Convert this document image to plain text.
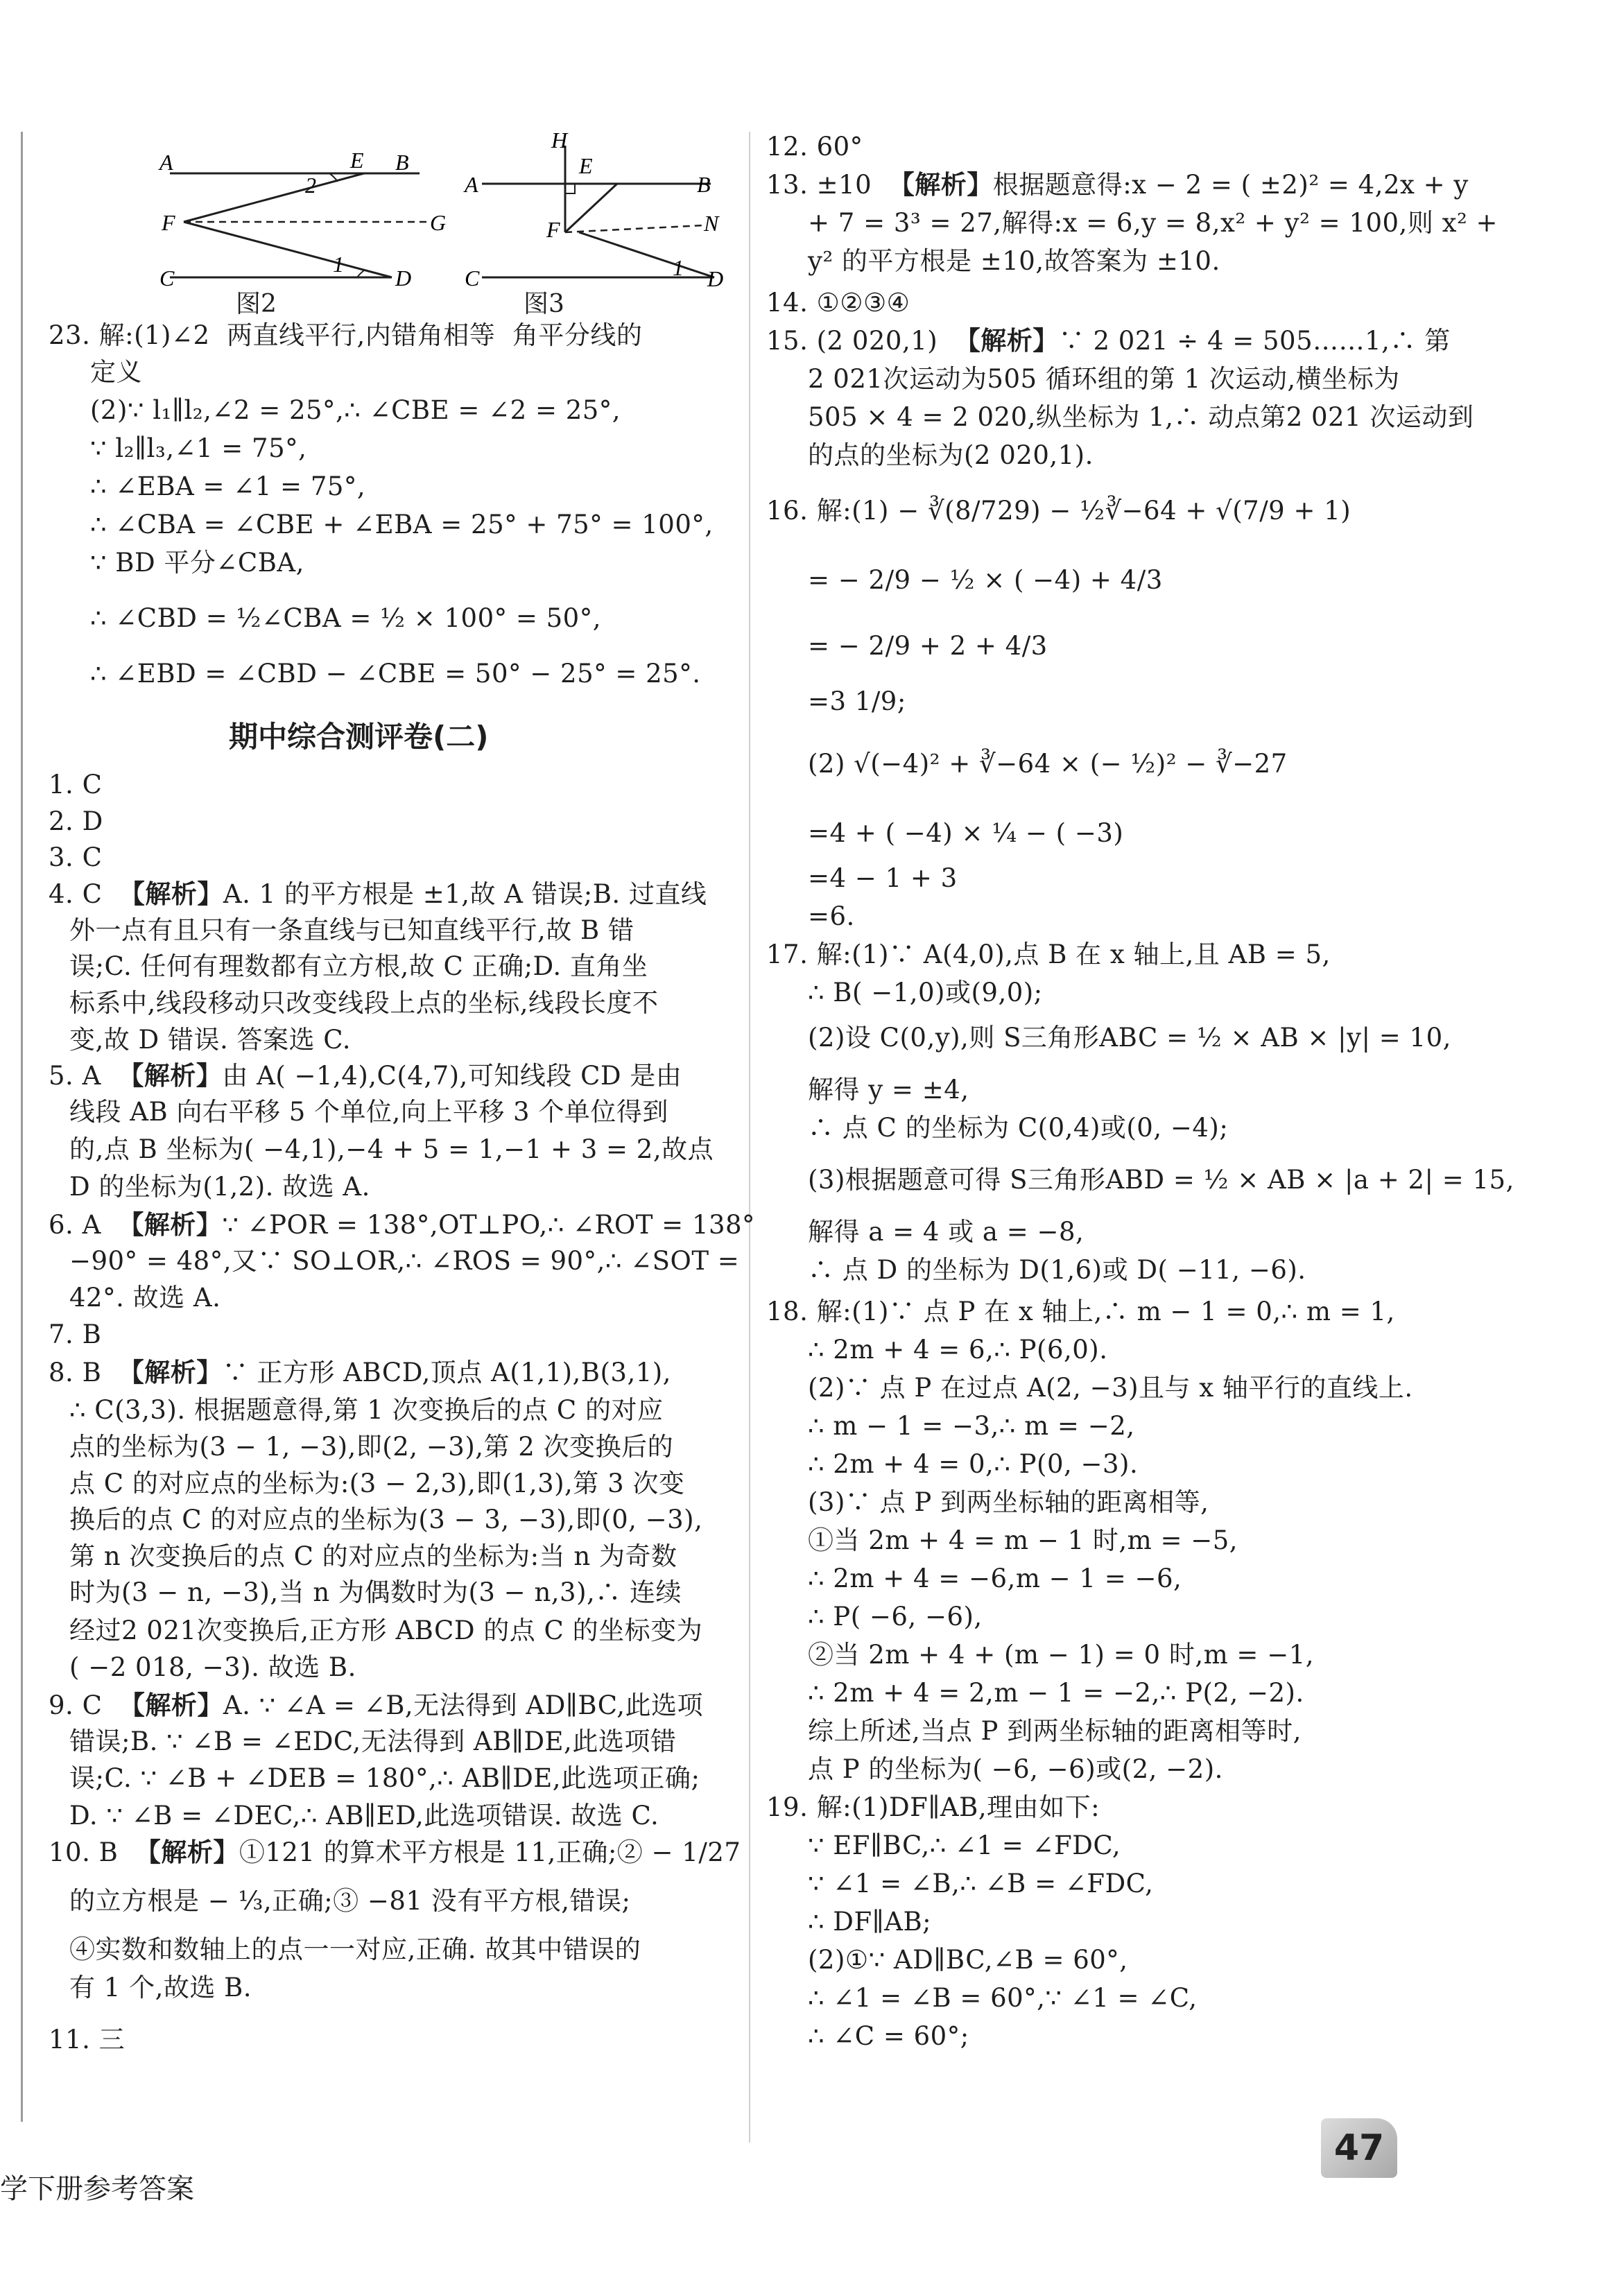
A	E B
2
F	G
C
1
D
图2
H
A
E
B
F	N
C	1 D
图3
23. 解:(1)∠2  两直线平行,内错角相等  角平分线的
定义
(2)∵ l₁∥l₂,∠2 = 25°,∴ ∠CBE = ∠2 = 25°,
∵ l₂∥l₃,∠1 = 75°,
∴ ∠EBA = ∠1 = 75°,
∴ ∠CBA = ∠CBE + ∠EBA = 25° + 75° = 100°,
∵ BD 平分∠CBA,
∴ ∠CBD = ½∠CBA = ½ × 100° = 50°,
∴ ∠EBD = ∠CBD − ∠CBE = 50° − 25° = 25°.
期中综合测评卷(二)
1. C
2. D
3. C
4. C  【解析】A. 1 的平方根是 ±1,故 A 错误;B. 过直线
外一点有且只有一条直线与已知直线平行,故 B 错
误;C. 任何有理数都有立方根,故 C 正确;D. 直角坐
标系中,线段移动只改变线段上点的坐标,线段长度不
变,故 D 错误. 答案选 C.
5. A  【解析】由 A( −1,4),C(4,7),可知线段 CD 是由
线段 AB 向右平移 5 个单位,向上平移 3 个单位得到
的,点 B 坐标为( −4,1),−4 + 5 = 1,−1 + 3 = 2,故点
D 的坐标为(1,2). 故选 A.
6. A  【解析】∵ ∠POR = 138°,OT⊥PO,∴ ∠ROT = 138°
−90° = 48°,又∵ SO⊥OR,∴ ∠ROS = 90°,∴ ∠SOT =
42°. 故选 A.
7. B
8. B  【解析】∵ 正方形 ABCD,顶点 A(1,1),B(3,1),
∴ C(3,3). 根据题意得,第 1 次变换后的点 C 的对应
点的坐标为(3 − 1, −3),即(2, −3),第 2 次变换后的
点 C 的对应点的坐标为:(3 − 2,3),即(1,3),第 3 次变
换后的点 C 的对应点的坐标为(3 − 3, −3),即(0, −3),
第 n 次变换后的点 C 的对应点的坐标为:当 n 为奇数
时为(3 − n, −3),当 n 为偶数时为(3 − n,3),∴ 连续
经过2 021次变换后,正方形 ABCD 的点 C 的坐标变为
( −2 018, −3). 故选 B.
9. C  【解析】A. ∵ ∠A = ∠B,无法得到 AD∥BC,此选项
错误;B. ∵ ∠B = ∠EDC,无法得到 AB∥DE,此选项错
误;C. ∵ ∠B + ∠DEB = 180°,∴ AB∥DE,此选项正确;
D. ∵ ∠B = ∠DEC,∴ AB∥ED,此选项错误. 故选 C.
10. B  【解析】①121 的算术平方根是 11,正确;② − 1/27
的立方根是 − ⅓,正确;③ −81 没有平方根,错误;
④实数和数轴上的点一一对应,正确. 故其中错误的
有 1 个,故选 B.
11. 三
12. 60°
13. ±10  【解析】根据题意得:x − 2 = ( ±2)² = 4,2x + y
+ 7 = 3³ = 27,解得:x = 6,y = 8,x² + y² = 100,则 x² +
y² 的平方根是 ±10,故答案为 ±10.
14. ①②③④
15. (2 020,1)  【解析】∵ 2 021 ÷ 4 = 505……1,∴ 第
2 021次运动为505 循环组的第 1 次运动,横坐标为
505 × 4 = 2 020,纵坐标为 1,∴ 动点第2 021 次运动到
的点的坐标为(2 020,1).
16. 解:(1) − ∛(8/729) − ½∛−64 + √(7/9 + 1)
= − 2/9 − ½ × ( −4) + 4/3
= − 2/9 + 2 + 4/3
=3 1/9;
(2) √(−4)² + ∛−64 × (− ½)² − ∛−27
=4 + ( −4) × ¼ − ( −3)
=4 − 1 + 3
=6.
17. 解:(1)∵ A(4,0),点 B 在 x 轴上,且 AB = 5,
∴ B( −1,0)或(9,0);
(2)设 C(0,y),则 S三角形ABC = ½ × AB × |y| = 10,
解得 y = ±4,
∴ 点 C 的坐标为 C(0,4)或(0, −4);
(3)根据题意可得 S三角形ABD = ½ × AB × |a + 2| = 15,
解得 a = 4 或 a = −8,
∴ 点 D 的坐标为 D(1,6)或 D( −11, −6).
18. 解:(1)∵ 点 P 在 x 轴上,∴ m − 1 = 0,∴ m = 1,
∴ 2m + 4 = 6,∴ P(6,0).
(2)∵ 点 P 在过点 A(2, −3)且与 x 轴平行的直线上.
∴ m − 1 = −3,∴ m = −2,
∴ 2m + 4 = 0,∴ P(0, −3).
(3)∵ 点 P 到两坐标轴的距离相等,
①当 2m + 4 = m − 1 时,m = −5,
∴ 2m + 4 = −6,m − 1 = −6,
∴ P( −6, −6),
②当 2m + 4 + (m − 1) = 0 时,m = −1,
∴ 2m + 4 = 2,m − 1 = −2,∴ P(2, −2).
综上所述,当点 P 到两坐标轴的距离相等时,
点 P 的坐标为( −6, −6)或(2, −2).
19. 解:(1)DF∥AB,理由如下:
∵ EF∥BC,∴ ∠1 = ∠FDC,
∵ ∠1 = ∠B,∴ ∠B = ∠FDC,
∴ DF∥AB;
(2)①∵ AD∥BC,∠B = 60°,
∴ ∠1 = ∠B = 60°,∵ ∠1 = ∠C,
∴ ∠C = 60°;
学下册参考答案
47
